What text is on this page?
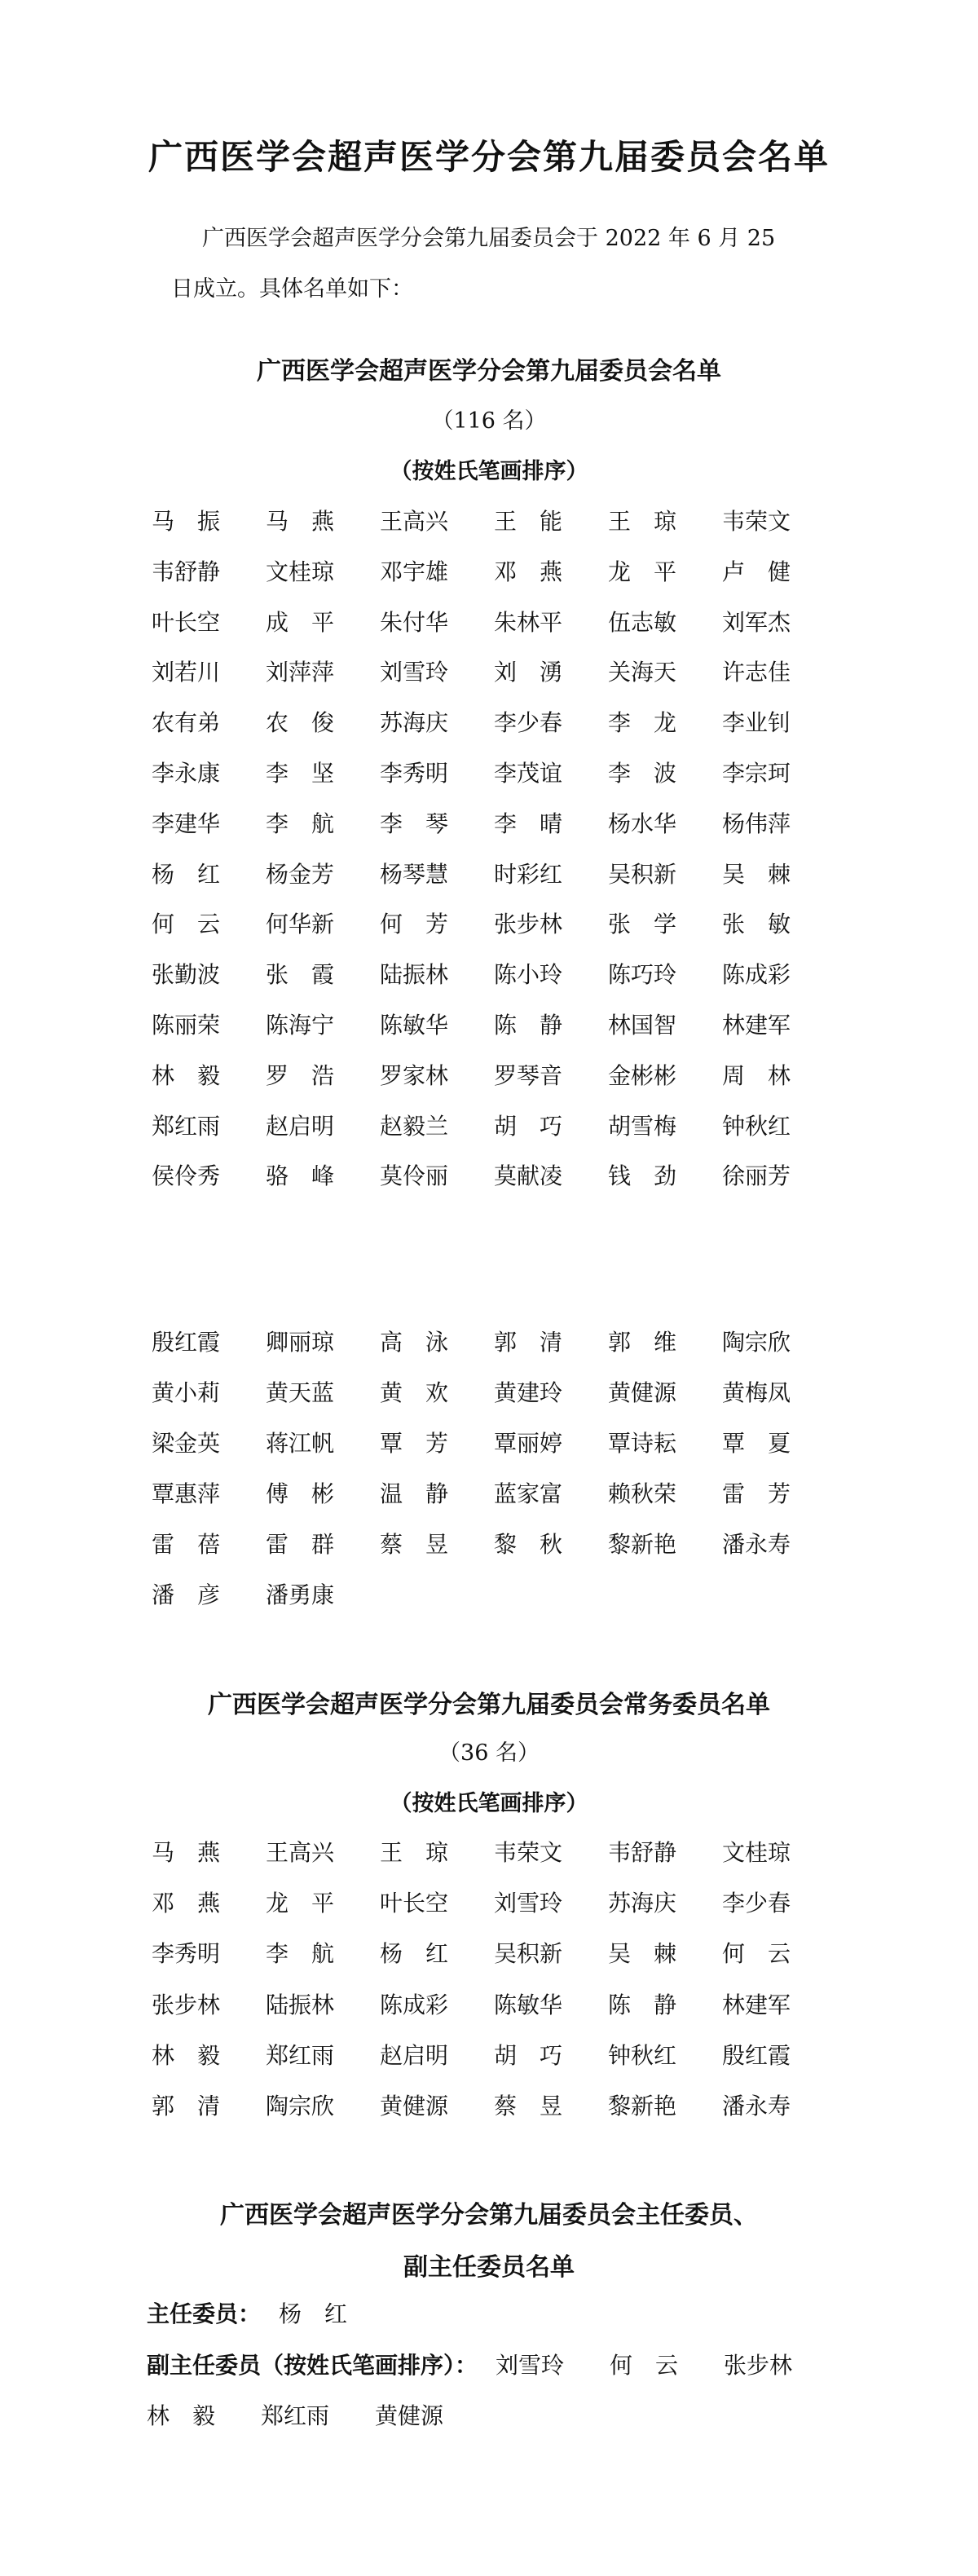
广西医学会超声医学分会第九届委员会名单
广西医学会超声医学分会第九届委员会于 2022 年 6 月 25
日成立。具体名单如下：
广西医学会超声医学分会第九届委员会名单
（116 名）
（按姓氏笔画排序）
马　振	马　燕	王高兴	王　能	王　琼	韦荣文
韦舒静	文桂琼	邓宇雄	邓　燕	龙　平	卢　健
叶长空	成　平	朱付华	朱林平	伍志敏	刘军杰
刘若川	刘萍萍	刘雪玲	刘　湧	关海天	许志佳
农有弟	农　俊	苏海庆	李少春	李　龙	李业钊
李永康	李　坚	李秀明	李茂谊	李　波	李宗珂
李建华	李　航	李　琴	李　晴	杨水华	杨伟萍
杨　红	杨金芳	杨琴慧	时彩红	吴积新	吴　棘
何　云	何华新	何　芳	张步林	张　学	张　敏
张勤波	张　霞	陆振林	陈小玲	陈巧玲	陈成彩
陈丽荣	陈海宁	陈敏华	陈　静	林国智	林建军
林　毅	罗　浩	罗家林	罗琴音	金彬彬	周　林
郑红雨	赵启明	赵毅兰	胡　巧	胡雪梅	钟秋红
侯伶秀	骆　峰	莫伶丽	莫献凌	钱　劲	徐丽芳
殷红霞	卿丽琼	高　泳	郭　清	郭　维	陶宗欣
黄小莉	黄天蓝	黄　欢	黄建玲	黄健源	黄梅凤
梁金英	蒋江帆	覃　芳	覃丽婷	覃诗耘	覃　夏
覃惠萍	傅　彬	温　静	蓝家富	赖秋荣	雷　芳
雷　蓓	雷　群	蔡　昱	黎　秋	黎新艳	潘永寿
潘　彦	潘勇康
广西医学会超声医学分会第九届委员会常务委员名单
（36 名）
（按姓氏笔画排序）
马　燕	王高兴	王　琼	韦荣文	韦舒静	文桂琼
邓　燕	龙　平	叶长空	刘雪玲	苏海庆	李少春
李秀明	李　航	杨　红	吴积新	吴　棘	何　云
张步林	陆振林	陈成彩	陈敏华	陈　静	林建军
林　毅	郑红雨	赵启明	胡　巧	钟秋红	殷红霞
郭　清	陶宗欣	黄健源	蔡　昱	黎新艳	潘永寿
广西医学会超声医学分会第九届委员会主任委员、
副主任委员名单
主任委员： 杨　红
副主任委员（按姓氏笔画排序）： 刘雪玲　　何　云　　张步林
林　毅　　郑红雨　　黄健源
